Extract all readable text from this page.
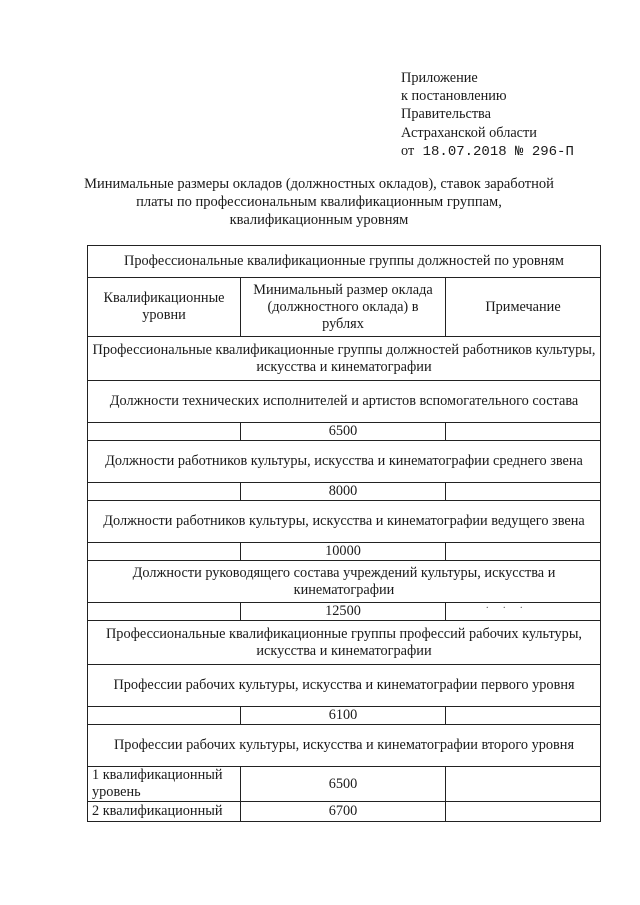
Приложение
к постановлению
Правительства
Астраханской области
от 18.07.2018 № 296-П
Минимальные размеры окладов (должностных окладов), ставок заработной платы по профессиональным квалификационным группам, квалификационным уровням
Профессиональные квалификационные группы должностей по уровням		
Квалификационные уровни	Минимальный размер оклада (должностного оклада) в рублях	Примечание
Профессиональные квалификационные группы должностей работников культуры, искусства и кинематографии		
Должности технических исполнителей и артистов вспомогательного состава		
	6500	
Должности работников культуры, искусства и кинематографии среднего звена		
	8000	
Должности работников культуры, искусства и кинематографии ведущего звена		
	10000	
Должности руководящего состава учреждений культуры, искусства и кинематографии		
	12500	
Профессиональные квалификационные группы профессий рабочих культуры, искусства и кинематографии		
Профессии рабочих культуры, искусства и кинематографии первого уровня		
	6100	
Профессии рабочих культуры, искусства и кинематографии второго уровня		
1 квалификационный уровень	6500	
2 квалификационный	6700	
. . .
